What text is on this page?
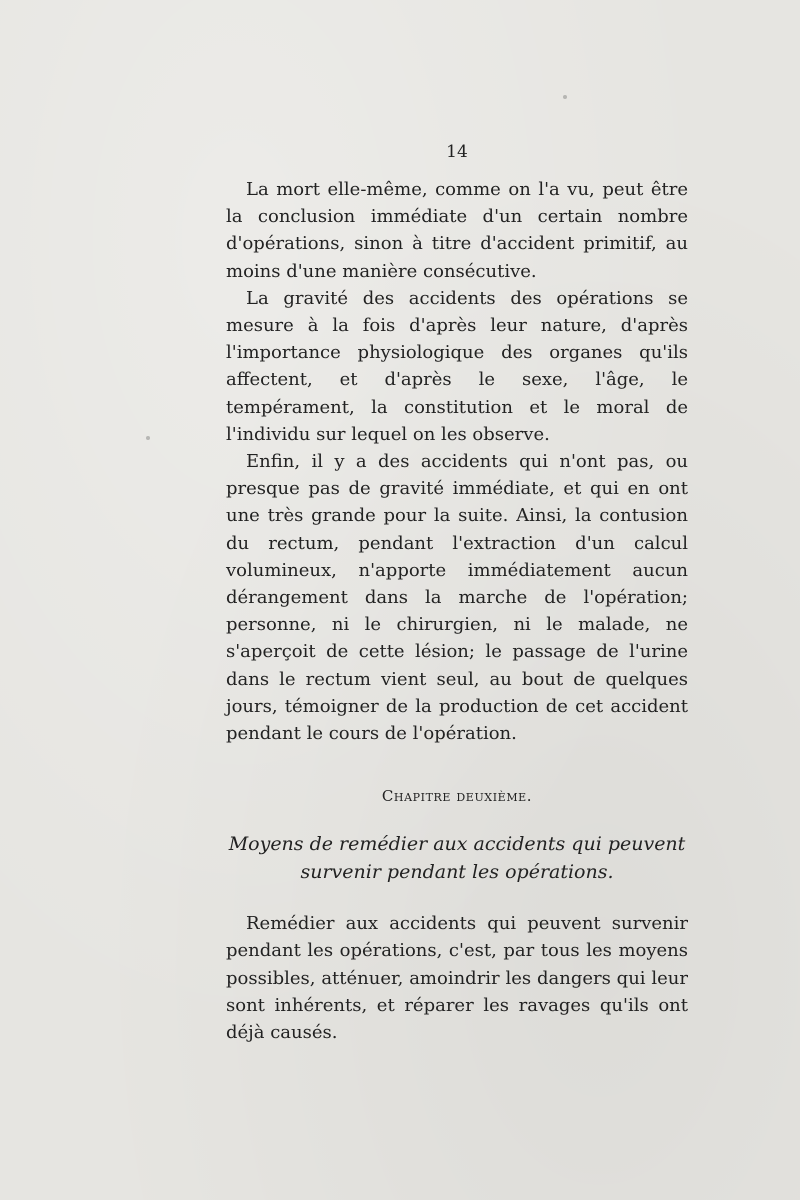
14

La mort elle-même, comme on l'a vu, peut être la conclusion immédiate d'un certain nombre d'opérations, sinon à titre d'accident primitif, au moins d'une manière consécutive.

La gravité des accidents des opérations se mesure à la fois d'après leur nature, d'après l'importance physiologique des organes qu'ils affectent, et d'après le sexe, l'âge, le tempérament, la constitution et le moral de l'individu sur lequel on les observe.

Enfin, il y a des accidents qui n'ont pas, ou presque pas de gravité immédiate, et qui en ont une très grande pour la suite. Ainsi, la contusion du rectum, pendant l'extraction d'un calcul volumineux, n'apporte immédiatement aucun dérangement dans la marche de l'opération; personne, ni le chirurgien, ni le malade, ne s'aperçoit de cette lésion; le passage de l'urine dans le rectum vient seul, au bout de quelques jours, témoigner de la production de cet accident pendant le cours de l'opération.

Chapitre deuxième.
Moyens de remédier aux accidents qui peuvent survenir pendant les opérations.

Remédier aux accidents qui peuvent survenir pendant les opérations, c'est, par tous les moyens possibles, atténuer, amoindrir les dangers qui leur sont inhérents, et réparer les ravages qu'ils ont déjà causés.
